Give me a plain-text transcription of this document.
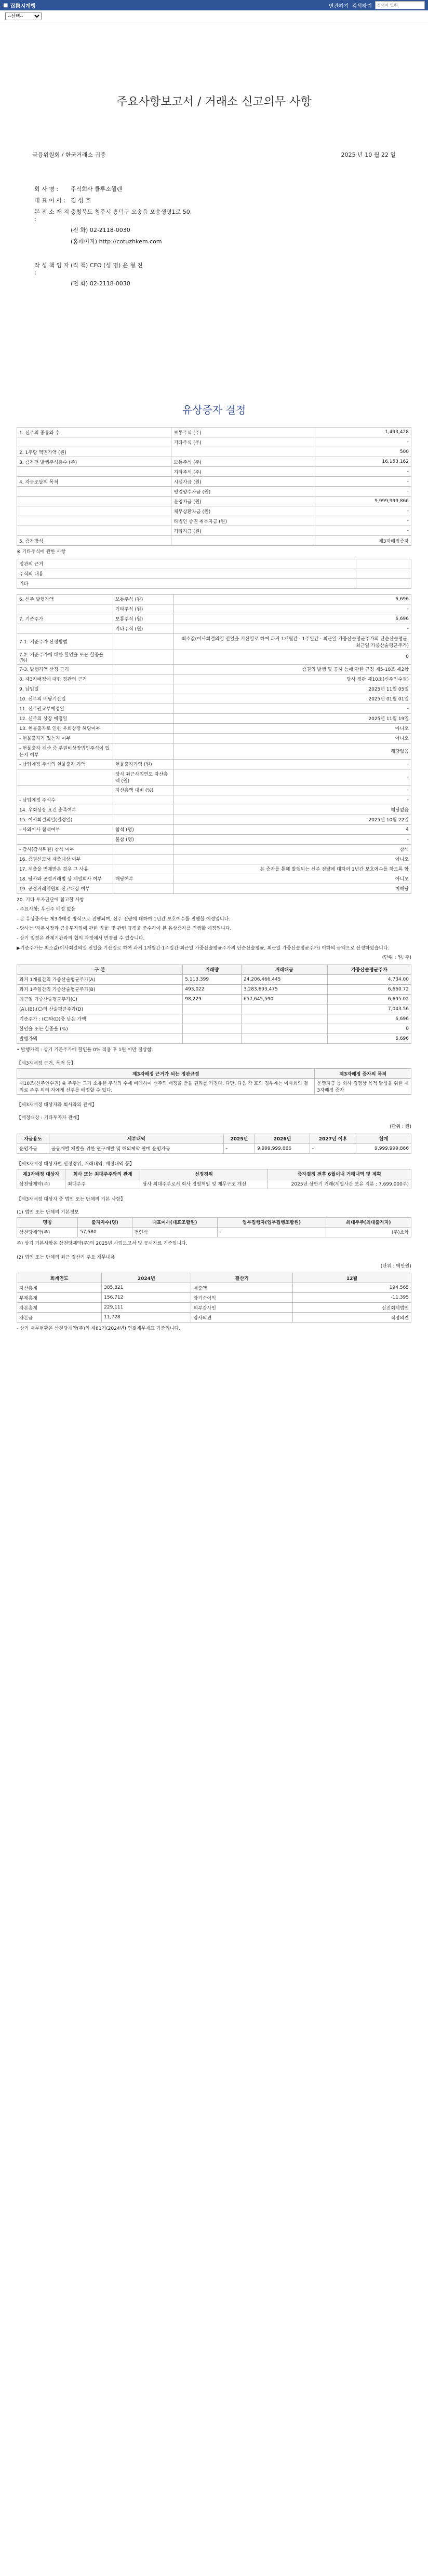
■ 召集시계행	연관하기 검색하기
검색어 입력
--선택--
주요사항보고서 / 거래소 신고의무 사항
금융위원회 / 한국거래소 귀중	2025 년 10 월 22 일
회 사 명 :	주식회사 클루소헬렌
대 표 이 사 : 김 성 호
본 점 소 재 지 :
충청북도 청주시 흥덕구 오송읍 오송생명1로 50,
(전 화) 02-2118-0030
(홈페이지) http://cotuzhkem.com
작 성 책 임 자 :
(직 책) CFO (성 명) 윤 형 진
(전 화) 02-2118-0030
유상증자 결정
1. 신주의 종류와 수	보통주식 (주)	1,493,428
	기타주식 (주)	-
2. 1주당 액면가액 (원)		500
3. 증자전 발행주식총수 (주)	보통주식 (주)	16,153,162
	기타주식 (주)	-
4. 자금조달의 목적	시설자금 (원)	-
	영업양수자금 (원)	-
	운영자금 (원)	9,999,999,866
	채무상환자금 (원)	-
	타법인 증권 취득자금 (원)	-
	기타자금 (원)	-
5. 증자방식		제3자배정증자
※ 기타주식에 관한 사항
정관의 근거	
주식의 내용	
기타	
6. 신주 발행가액	보통주식 (원)	6,696
	기타주식 (원)	-
7. 기준주가	보통주식 (원)	6,696
	기타주식 (원)	-
7-1. 기준주가 산정방법		최소값(이사회결의일 전일을 기산일로 하여 과거 1개월간 · 1주일간 · 최근일 가중산술평균주가의 단순산술평균, 최근일 가중산술평균주가)
7-2. 기준주가에 대한 할인율 또는 할증율 (%)		0
7-3. 발행가액 산정 근거		증권의 발행 및 공시 등에 관한 규정 제5-18조 제2항
8. 제3자배정에 대한 정관의 근거		당사 정관 제10조(신주인수권)
9. 납입일		2025년 11월 05일
10. 신주의 배당기산일		2025년 01월 01일
11. 신주권교부예정일		-
12. 신주의 상장 예정일		2025년 11월 19일
13. 현물출자로 인한 우회상장 해당여부		아니오
- 현물출자가 있는지 여부		아니오
- 현물출자 재산 중 주권비상장법인주식이 있는지 여부		해당없음
- 납입예정 주식의 현물출자 가액	현물출자가액 (원)	-
	당사 최근사업연도 자산총액 (원)	-
	자산총액 대비 (%)	-
- 납입예정 주식수		-
14. 우회상장 요건 충족여부		해당없음
15. 이사회결의일(결정일)		2025년 10월 22일
- 사외이사 참석여부	참석 (명)	4
	불참 (명)	-
- 감사(감사위원) 참석 여부		참석
16. 증권신고서 제출대상 여부		아니오
17. 제출을 면제받은 경우 그 사유		본 증자를 통해 발행되는 신주 전량에 대하여 1년간 보호예수를 하도록 함
18. 당사와 공정거래법 상 계열회사 여부	해당여부	아니오
19. 공정거래위원회 신고대상 여부		미해당
20. 기타 투자판단에 참고할 사항
- 주요사항: 우선주 배정 없음
- 본 유상증자는 제3자배정 방식으로 진행되며, 신주 전량에 대하여 1년간 보호예수를 진행할 예정입니다.
- 당사는 '자본시장과 금융투자업에 관한 법률' 및 관련 규정을 준수하여 본 유상증자를 진행할 예정입니다.
- 상기 일정은 관계기관과의 협의 과정에서 변경될 수 있습니다.
▶기준주가는 최소값(이사회결의일 전일을 기산일로 하여 과거 1개월간·1주일간·최근일 가중산술평균주가의 단순산술평균, 최근일 가중산술평균주가) 이하의 금액으로 산정하였습니다.
(단위 : 원, 주)
구 분	거래량	거래대금	가중산술평균주가
과거 1개월간의 가중산술평균주가(A)	5,113,399	24,206,466,445	4,734.00
과거 1주일간의 가중산술평균주가(B)	493,022	3,283,693,475	6,660.72
최근일 가중산술평균주가(C)	98,229	657,645,590	6,695.02
(A),(B),(C)의 산술평균주가(D)			7,043.56
기준주가 : (C)와(D)중 낮은 가액			6,696
할인율 또는 할증율 (%)			0
발행가액			6,696
• 발행가액 : 상기 기준주가에 할인율 0% 적용 후 1원 이만 절상함.
【제3자배정 근거, 목적 등】
제3자배정 근거가 되는 정관규정	제3자배정 증자의 목적
제10조(신주인수권) ④ 주주는 그가 소유한 주식의 수에 비례하여 신주의 배정을 받을 권리를 가진다. 다만, 다음 각 호의 경우에는 이사회의 결의로 주주 외의 자에게 신주를 배정할 수 있다.	운영자금 등 회사 경영상 목적 달성을 위한 제3자배정 증자
【제3자배정 대상자와 회사와의 관계】
【배정대상 : 기타투자자 관계】
(단위 : 원)
자금용도	세부내역	2025년	2026년	2027년 이후	합계
운영자금	공동개발 개발을 위한 연구개발 및 해외제약 판매 운영자금	-	9,999,999,866	-	9,999,999,866
【제3자배정 대상자별 선정경위, 거래내역, 배정내역 등】
제3자배정 대상자	회사 또는 최대주주와의 관계	선정경위	증자결정 전후 6월이내 거래내역 및 계획
삼천당제약(주)	최대주주	당사 최대주주로서 회사 경영책임 및 재무구조 개선	2025년 상반기 거래(계열사간 보유 지분 : 7,699,000주)
【제3자배정 대상자 중 법인 또는 단체의 기본 사항】
(1) 법인 또는 단체의 기본정보
명칭	출자자수(명)	대표이사(대표조합원)	업무집행자(업무집행조합원)	최대주주(최대출자자)
삼천당제약(주)	57,580	전인석	-	(주)소화
주) 상기 기본사항은 삼천당제약(주)의 2025년 사업보고서 및 공시자료 기준입니다.
(2) 법인 또는 단체의 최근 결산기 주요 재무내용
(단위 : 백만원)
회계연도	2024년	결산기	12월
자산총계	385,821	매출액	194,565
부채총계	156,712	당기순이익	-11,395
자본총계	229,111	외부감사인	신진회계법인
자본금	11,728	감사의견	적정의견
- 상기 재무현황은 삼천당제약(주)의 제81기(2024년) 연결재무제표 기준입니다.
